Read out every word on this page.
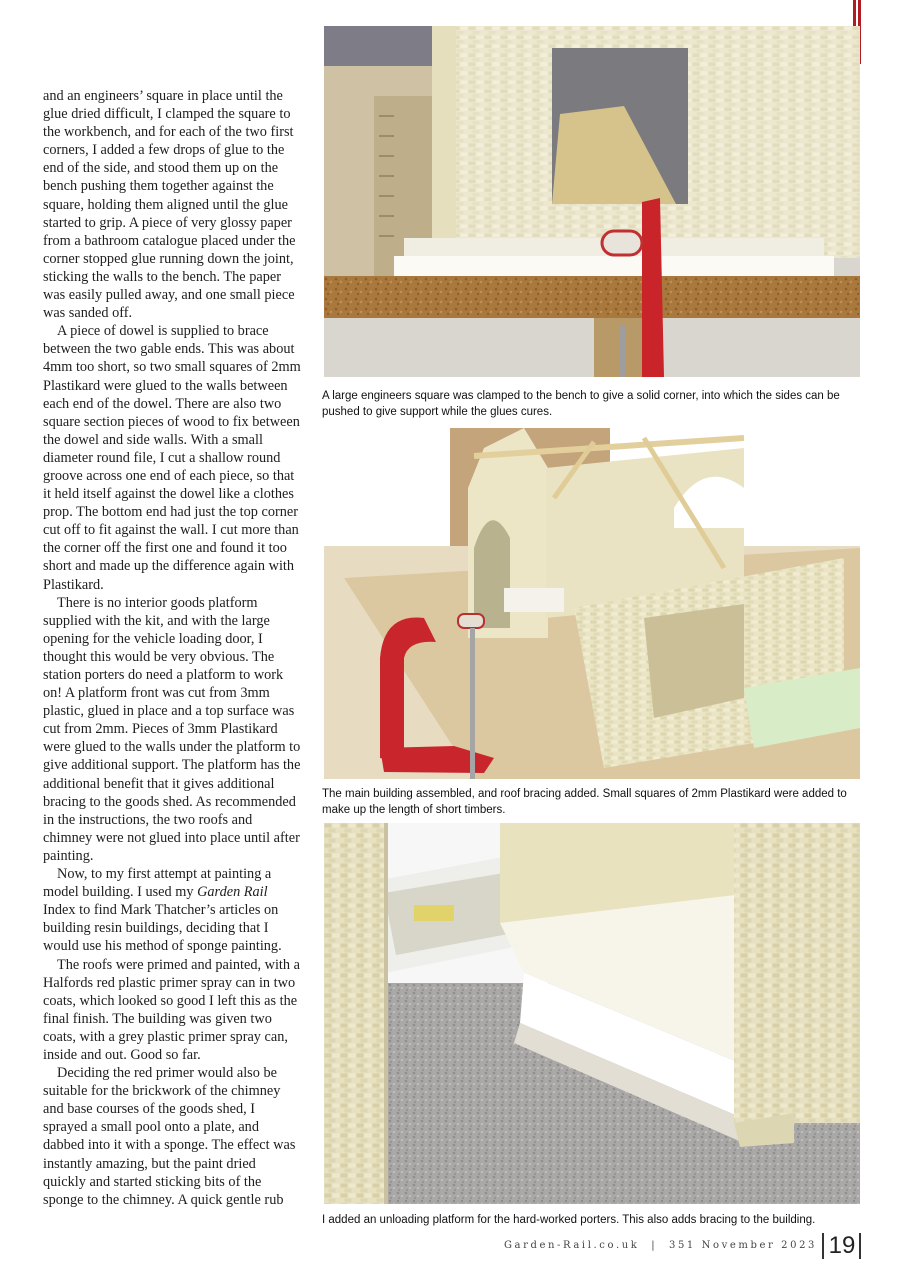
and an engineers’ square in place until the glue dried difficult, I clamped the square to the workbench, and for each of the two first corners, I added a few drops of glue to the end of the side, and stood them up on the bench pushing them together against the square, holding them aligned until the glue started to grip. A piece of very glossy paper from a bathroom catalogue placed under the corner stopped glue running down the joint, sticking the walls to the bench. The paper was easily pulled away, and one small piece was sanded off.

A piece of dowel is supplied to brace between the two gable ends. This was about 4mm too short, so two small squares of 2mm Plastikard were glued to the walls between each end of the dowel. There are also two square section pieces of wood to fix between the dowel and side walls. With a small diameter round file, I cut a shallow round groove across one end of each piece, so that it held itself against the dowel like a clothes prop. The bottom end had just the top corner cut off to fit against the wall. I cut more than the corner off the first one and found it too short and made up the difference again with Plastikard.

There is no interior goods platform supplied with the kit, and with the large opening for the vehicle loading door, I thought this would be very obvious. The station porters do need a platform to work on! A platform front was cut from 3mm plastic, glued in place and a top surface was cut from 2mm. Pieces of 3mm Plastikard were glued to the walls under the platform to give additional support. The platform has the additional benefit that it gives additional bracing to the goods shed. As recommended in the instructions, the two roofs and chimney were not glued into place until after painting.

Now, to my first attempt at painting a model building. I used my Garden Rail Index to find Mark Thatcher’s articles on building resin buildings, deciding that I would use his method of sponge painting.

The roofs were primed and painted, with a Halfords red plastic primer spray can in two coats, which looked so good I left this as the final finish. The building was given two coats, with a grey plastic primer spray can, inside and out. Good so far.

Deciding the red primer would also be suitable for the brickwork of the chimney and base courses of the goods shed, I sprayed a small pool onto a plate, and dabbed into it with a sponge. The effect was instantly amazing, but the paint dried quickly and started sticking bits of the sponge to the chimney. A quick gentle rub

A large engineers square was clamped to the bench to give a solid corner, into which the sides can be pushed to give support while the glues cures.
The main building assembled, and roof bracing added. Small squares of 2mm Plastikard were added to make up the length of short timbers.
I added an unloading platform for the hard-worked porters. This also adds bracing to the building.
Garden-Rail.co.uk | 351 November 2023 19
